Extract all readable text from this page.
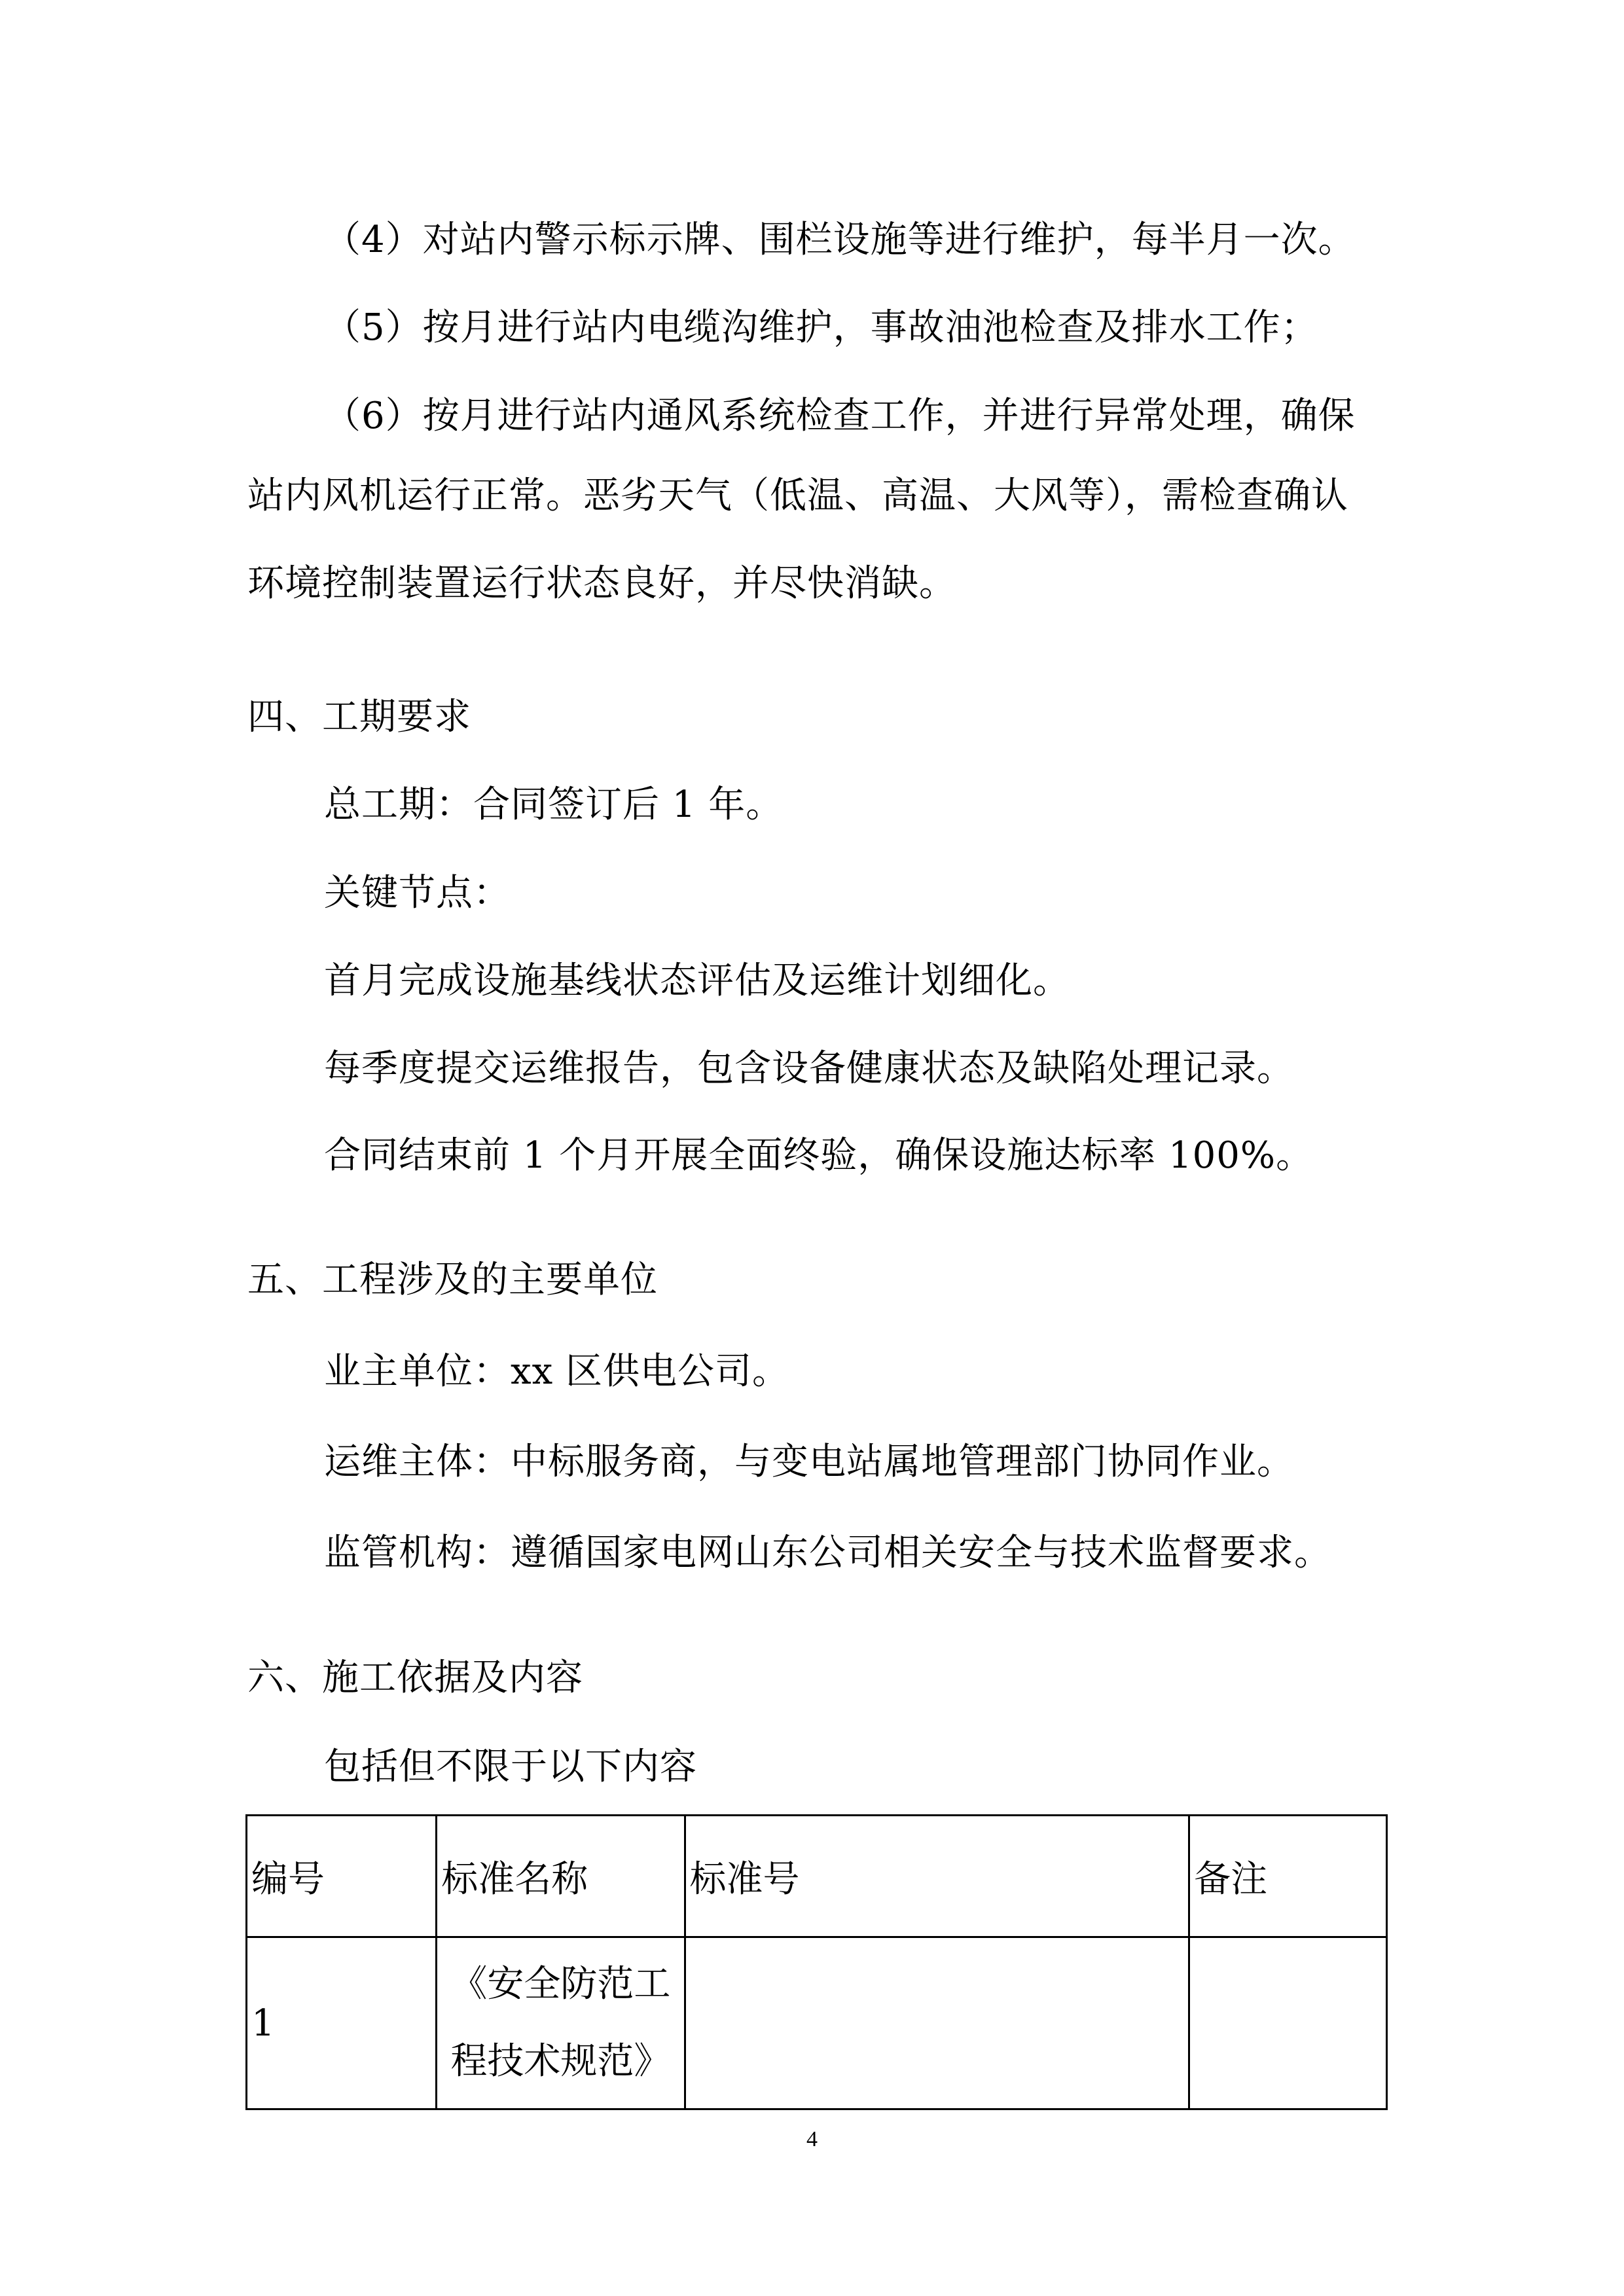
（4）对站内警示标示牌、围栏设施等进行维护，每半月一次。
（5）按月进行站内电缆沟维护，事故油池检查及排水工作；
（6）按月进行站内通风系统检查工作，并进行异常处理，确保
站内风机运行正常。恶劣天气（低温、高温、大风等），需检查确认
环境控制装置运行状态良好，并尽快消缺。
四、工期要求
总工期：合同签订后 1 年。
关键节点：
首月完成设施基线状态评估及运维计划细化。
每季度提交运维报告，包含设备健康状态及缺陷处理记录。
合同结束前 1 个月开展全面终验，确保设施达标率 100%。
五、工程涉及的主要单位
业主单位：xx 区供电公司。
运维主体：中标服务商，与变电站属地管理部门协同作业。
监管机构：遵循国家电网山东公司相关安全与技术监督要求。
六、施工依据及内容
包括但不限于以下内容
编号	标准名称	标准号	备注
1	《安全防范工
程技术规范》		

4
